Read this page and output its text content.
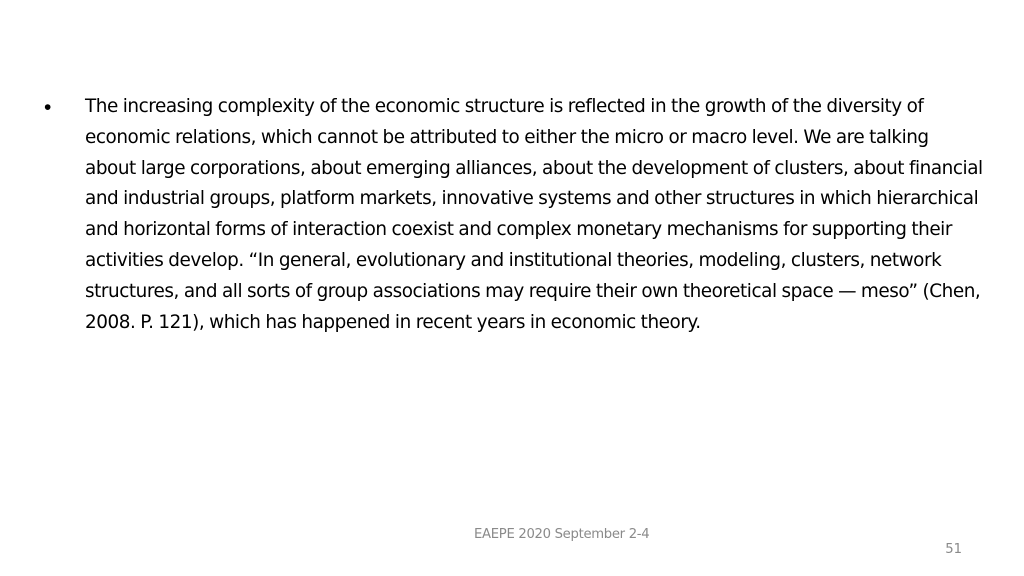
• The increasing complexity of the economic structure is reflected in the growth of the diversity of economic relations, which cannot be attributed to either the micro or macro level. We are talking about large corporations, about emerging alliances, about the development of clusters, about financial and industrial groups, platform markets, innovative systems and other structures in which hierarchical and horizontal forms of interaction coexist and complex monetary mechanisms for supporting their activities develop. “In general, evolutionary and institutional theories, modeling, clusters, network structures, and all sorts of group associations may require their own theoretical space — meso” (Chen, 2008. P. 121), which has happened in recent years in economic theory.

EAEPE 2020 September 2-4
51
